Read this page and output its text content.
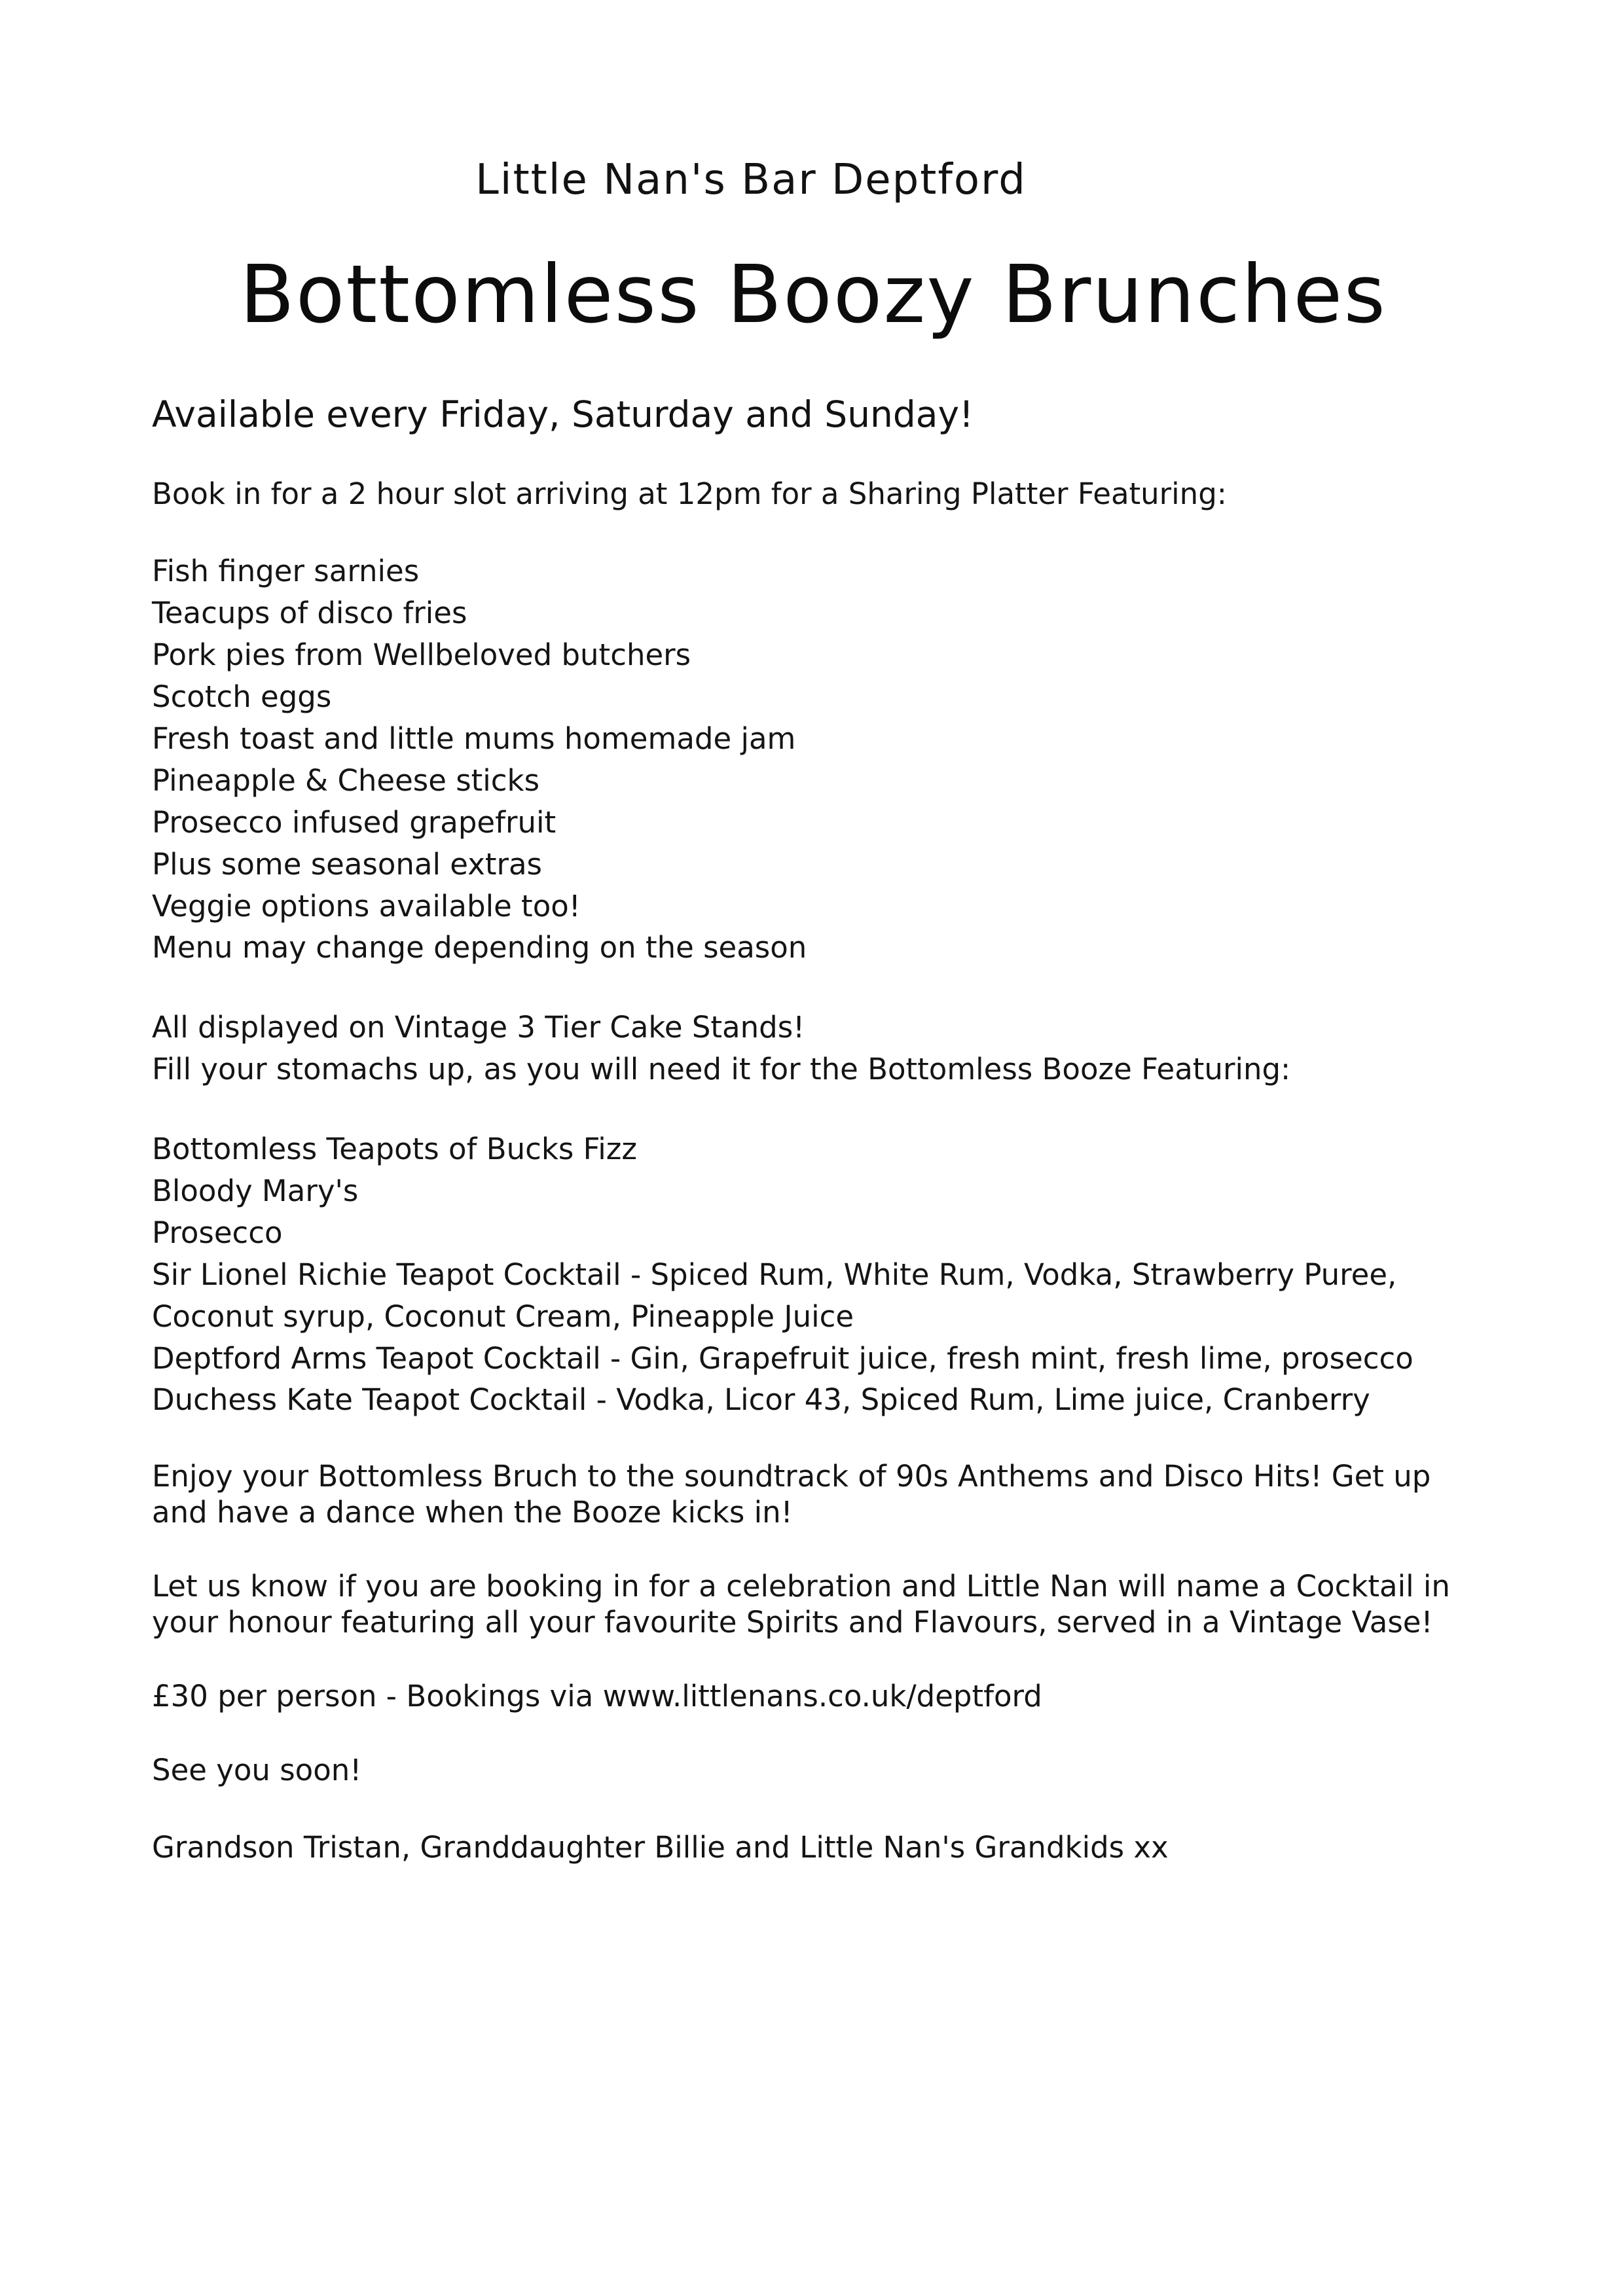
Little Nan's Bar Deptford
Bottomless Boozy Brunches

Available every Friday, Saturday and Sunday!

Book in for a 2 hour slot arriving at 12pm for a Sharing Platter Featuring:

Fish finger sarnies
Teacups of disco fries
Pork pies from Wellbeloved butchers
Scotch eggs
Fresh toast and little mums homemade jam
Pineapple & Cheese sticks
Prosecco infused grapefruit
Plus some seasonal extras
Veggie options available too!
Menu may change depending on the season
All displayed on Vintage 3 Tier Cake Stands!
Fill your stomachs up, as you will need it for the Bottomless Booze Featuring:
Bottomless Teapots of Bucks Fizz
Bloody Mary's
Prosecco
Sir Lionel Richie Teapot Cocktail - Spiced Rum, White Rum, Vodka, Strawberry Puree, Coconut syrup, Coconut Cream, Pineapple Juice
Deptford Arms Teapot Cocktail - Gin, Grapefruit juice, fresh mint, fresh lime, prosecco
Duchess Kate Teapot Cocktail - Vodka, Licor 43, Spiced Rum, Lime juice, Cranberry

Enjoy your Bottomless Bruch to the soundtrack of 90s Anthems and Disco Hits! Get up and have a dance when the Booze kicks in!

Let us know if you are booking in for a celebration and Little Nan will name a Cocktail in your honour featuring all your favourite Spirits and Flavours, served in a Vintage Vase!

£30 per person - Bookings via www.littlenans.co.uk/deptford

See you soon!

Grandson Tristan, Granddaughter Billie and Little Nan's Grandkids xx
